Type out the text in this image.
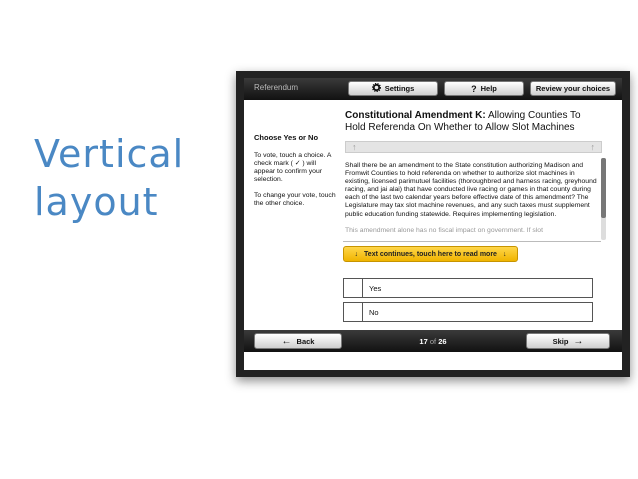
Vertical
layout
Referendum	Settings	? Help	Review your choices
Choose Yes or No

To vote, touch a choice. A check mark ( ✓ ) will appear to confirm your selection.

To change your vote, touch the other choice.

Constitutional Amendment K: Allowing Counties To Hold Referenda On Whether to Allow Slot Machines
↑	↑

Shall there be an amendment to the State constitution authorizing Madison and Fromwit Counties to hold referenda on whether to authorize slot machines in existing, licensed parimutuel facilities (thoroughbred and harness racing, greyhound racing, and jai alai) that have conducted live racing or games in that county during each of the last two calendar years before effective date of this amendment? The Legislature may tax slot machine revenues, and any such taxes must supplement public education funding statewide. Requires implementing legislation.

This amendment alone has no fiscal impact on government. If slot

↓ Text continues, touch here to read more ↓
Yes
No
← Back	17 of 26	Skip →
